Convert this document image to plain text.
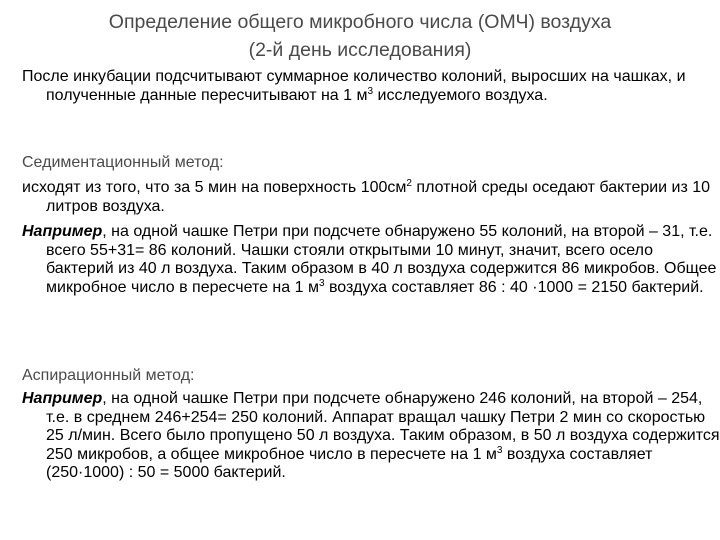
Определение общего микробного числа (ОМЧ) воздуха
(2-й день исследования)

После инкубации подсчитывают суммарное количество колоний, выросших на чашках, и полученные данные пересчитывают на 1 $м^3$ исследуемого воздуха.

Седиментационный метод:

исходят из того, что за 5 мин на поверхность $100см^2$ плотной среды оседают бактерии из 10 литров воздуха.

Например, на одной чашке Петри при подсчете обнаружено 55 колоний, на второй – 31, т.е. всего 55+31= 86 колоний. Чашки стояли открытыми 10 минут, значит, всего осело бактерий из 40 л воздуха. Таким образом в 40 л воздуха содержится 86 микробов. Общее микробное число в пересчете на 1 $м^3$ воздуха составляет 86 : 40 ·1000 = 2150 бактерий.

Аспирационный метод:

Например, на одной чашке Петри при подсчете обнаружено 246 колоний, на второй – 254, т.е. в среднем 246+254= 250 колоний. Аппарат вращал чашку Петри 2 мин со скоростью 25 л/мин. Всего было пропущено 50 л воздуха. Таким образом, в 50 л воздуха содержится 250 микробов, а общее микробное число в пересчете на 1 $м^3$ воздуха составляет (250·1000) : 50 = 5000 бактерий.
